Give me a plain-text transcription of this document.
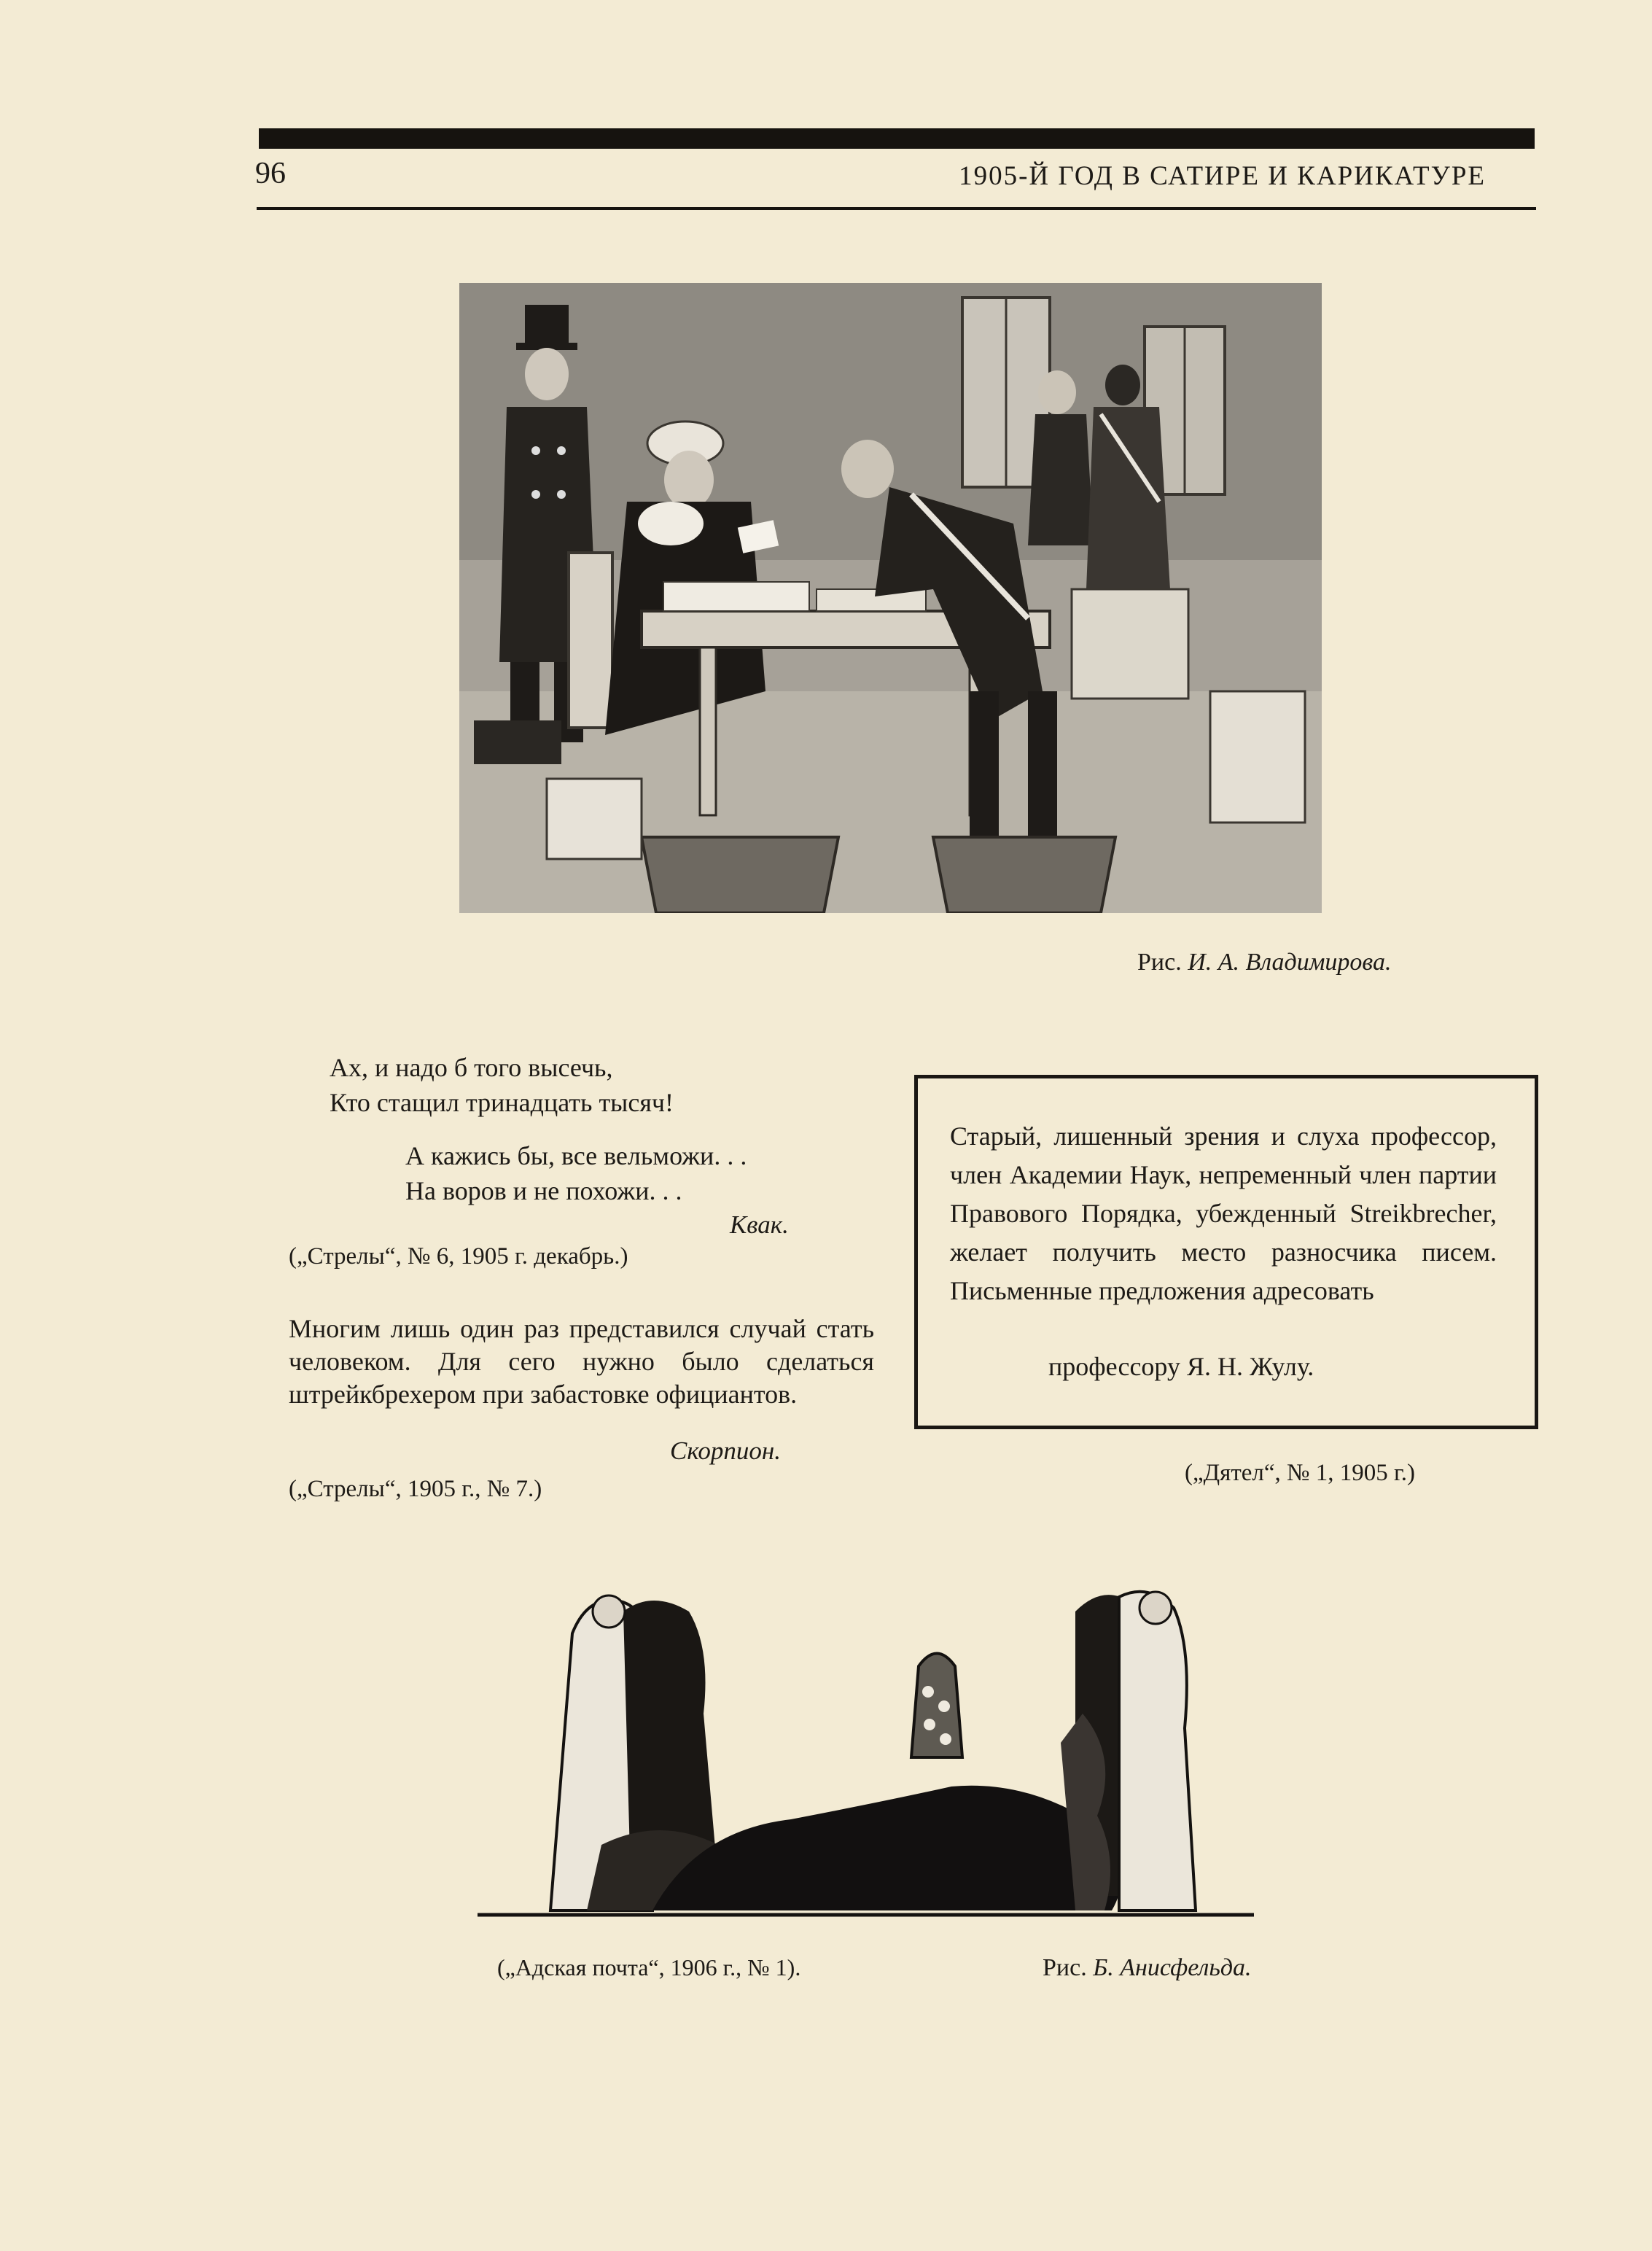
96	1905-Й ГОД В САТИРЕ И КАРИКАТУРЕ
Рис. И. А. Владимирова.
Ах, и надо б того высечь,
Кто стащил тринадцать тысяч!
А кажись бы, все вельможи. . .
На воров и не похожи. . .
Квак.
(„Стрелы“, № 6, 1905 г. декабрь.)
Многим лишь один раз представился случай стать человеком. Для сего нужно было сделаться штрейкбрехером при забастовке официантов.
Скорпион.
(„Стрелы“, 1905 г., № 7.)
Старый, лишенный зрения и слуха профессор, член Академии Наук, непременный член партии Правового Порядка, убежденный Streikbrecher, желает получить место разносчика писем. Письменные предложения адресовать
профессору Я. Н. Жулу.
(„Дятел“, № 1, 1905 г.)
(„Адская почта“, 1906 г., № 1).	Рис. Б. Анисфельда.
